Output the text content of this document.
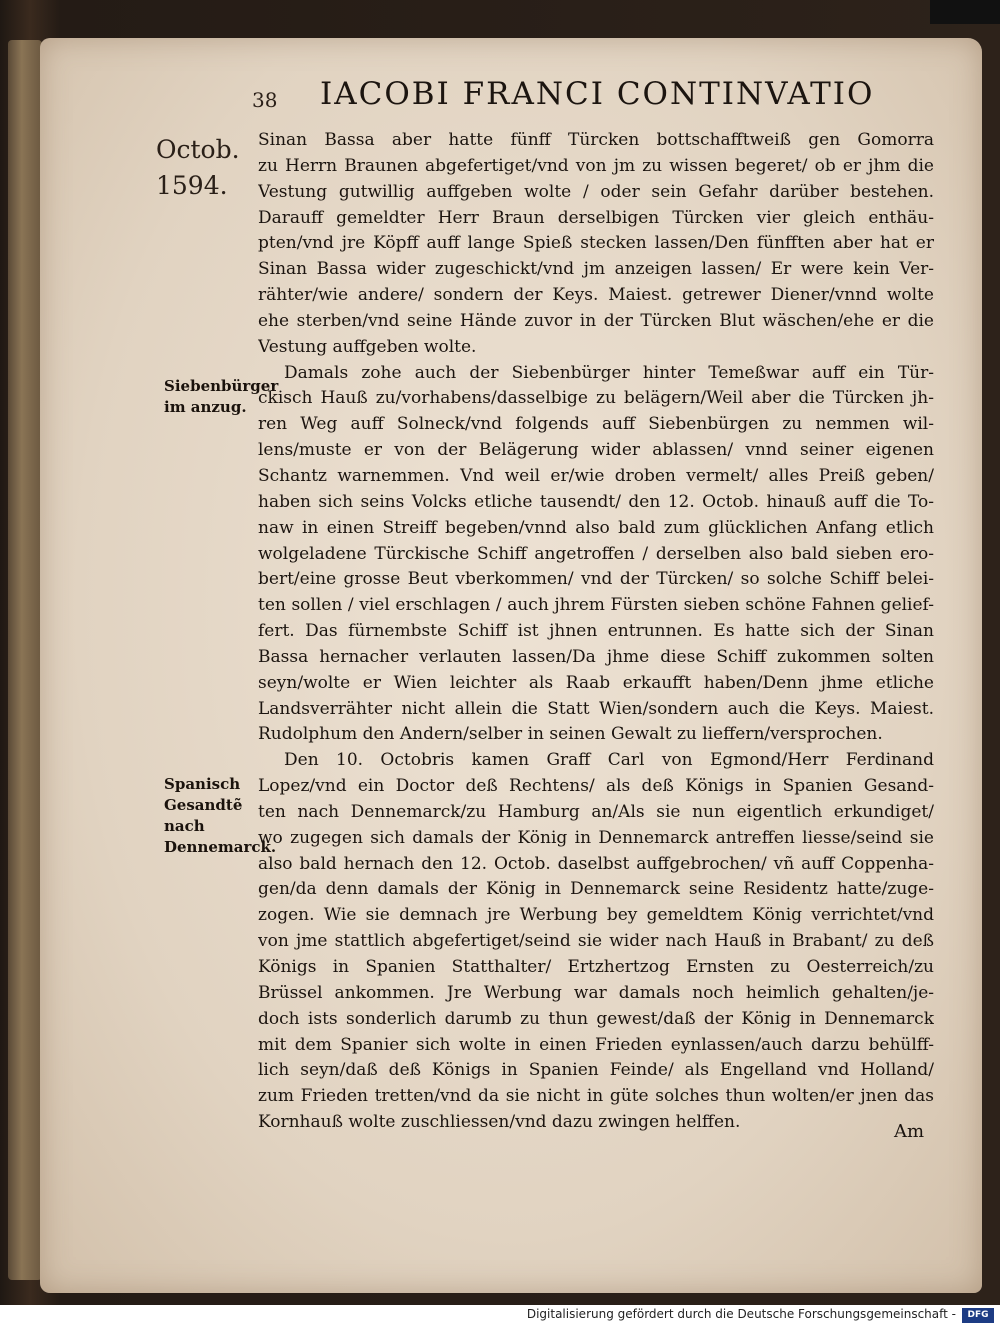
38 IACOBI FRANCI CONTINVATIO
Octob. 1594.
Siebenbürger im anzug.
Spanisch Gesandtẽ nach Dennemarck.
Sinan Bassa aber hatte fünff Türcken bottschafftweiß gen Gomorra
zu Herrn Braunen abgefertiget/vnd von jm zu wissen begeret/ ob er jhm die
Vestung gutwillig auffgeben wolte / oder sein Gefahr darüber bestehen.
Darauff gemeldter Herr Braun derselbigen Türcken vier gleich enthäu-
pten/vnd jre Köpff auff lange Spieß stecken lassen/Den fünfften aber hat er
Sinan Bassa wider zugeschickt/vnd jm anzeigen lassen/ Er were kein Ver-
rähter/wie andere/ sondern der Keys. Maiest. getrewer Diener/vnnd wolte
ehe sterben/vnd seine Hände zuvor in der Türcken Blut wäschen/ehe er die
Vestung auffgeben wolte.
Damals zohe auch der Siebenbürger hinter Temeßwar auff ein Tür-
ckisch Hauß zu/vorhabens/dasselbige zu belägern/Weil aber die Türcken jh-
ren Weg auff Solneck/vnd folgends auff Siebenbürgen zu nemmen wil-
lens/muste er von der Belägerung wider ablassen/ vnnd seiner eigenen
Schantz warnemmen. Vnd weil er/wie droben vermelt/ alles Preiß geben/
haben sich seins Volcks etliche tausendt/ den 12. Octob. hinauß auff die To-
naw in einen Streiff begeben/vnnd also bald zum glücklichen Anfang etlich
wolgeladene Türckische Schiff angetroffen / derselben also bald sieben ero-
bert/eine grosse Beut vberkommen/ vnd der Türcken/ so solche Schiff belei-
ten sollen / viel erschlagen / auch jhrem Fürsten sieben schöne Fahnen gelief-
fert. Das fürnembste Schiff ist jhnen entrunnen. Es hatte sich der Sinan
Bassa hernacher verlauten lassen/Da jhme diese Schiff zukommen solten
seyn/wolte er Wien leichter als Raab erkaufft haben/Denn jhme etliche
Landsverrähter nicht allein die Statt Wien/sondern auch die Keys. Maiest.
Rudolphum den Andern/selber in seinen Gewalt zu lieffern/versprochen.
Den 10. Octobris kamen Graff Carl von Egmond/Herr Ferdinand
Lopez/vnd ein Doctor deß Rechtens/ als deß Königs in Spanien Gesand-
ten nach Dennemarck/zu Hamburg an/Als sie nun eigentlich erkundiget/
wo zugegen sich damals der König in Dennemarck antreffen liesse/seind sie
also bald hernach den 12. Octob. daselbst auffgebrochen/ vñ auff Coppenha-
gen/da denn damals der König in Dennemarck seine Residentz hatte/zuge-
zogen. Wie sie demnach jre Werbung bey gemeldtem König verrichtet/vnd
von jme stattlich abgefertiget/seind sie wider nach Hauß in Brabant/ zu deß
Königs in Spanien Statthalter/ Ertzhertzog Ernsten zu Oesterreich/zu
Brüssel ankommen. Jre Werbung war damals noch heimlich gehalten/je-
doch ists sonderlich darumb zu thun gewest/daß der König in Dennemarck
mit dem Spanier sich wolte in einen Frieden eynlassen/auch darzu behülff-
lich seyn/daß deß Königs in Spanien Feinde/ als Engelland vnd Holland/
zum Frieden tretten/vnd da sie nicht in güte solches thun wolten/er jnen das
Kornhauß wolte zuschliessen/vnd dazu zwingen helffen.	Am
Digitalisierung gefördert durch die Deutsche Forschungsgemeinschaft -	DFG
